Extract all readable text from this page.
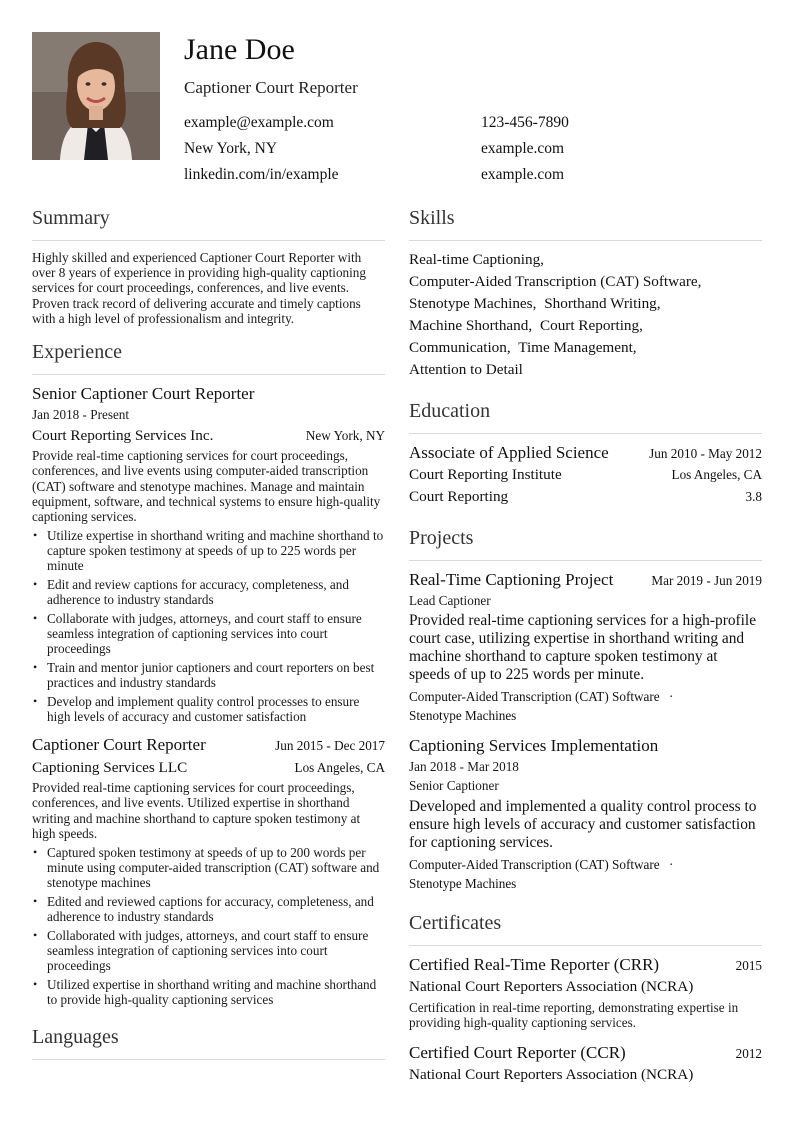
Jane Doe
Captioner Court Reporter
example@example.com	123-456-7890
New York, NY	example.com
linkedin.com/in/example	example.com
Summary
Highly skilled and experienced Captioner Court Reporter with over 8 years of experience in providing high-quality captioning services for court proceedings, conferences, and live events. Proven track record of delivering accurate and timely captions with a high level of professionalism and integrity.
Experience
Senior Captioner Court Reporter
Jan 2018 - Present
Court Reporting Services Inc.	New York, NY
Provide real-time captioning services for court proceedings, conferences, and live events using computer-aided transcription (CAT) software and stenotype machines. Manage and maintain equipment, software, and technical systems to ensure high-quality captioning services.
• Utilize expertise in shorthand writing and machine shorthand to capture spoken testimony at speeds of up to 225 words per minute
• Edit and review captions for accuracy, completeness, and adherence to industry standards
• Collaborate with judges, attorneys, and court staff to ensure seamless integration of captioning services into court proceedings
• Train and mentor junior captioners and court reporters on best practices and industry standards
• Develop and implement quality control processes to ensure high levels of accuracy and customer satisfaction
Captioner Court Reporter	Jun 2015 - Dec 2017
Captioning Services LLC	Los Angeles, CA
Provided real-time captioning services for court proceedings, conferences, and live events. Utilized expertise in shorthand writing and machine shorthand to capture spoken testimony at high speeds.
• Captured spoken testimony at speeds of up to 200 words per minute using computer-aided transcription (CAT) software and stenotype machines
• Edited and reviewed captions for accuracy, completeness, and adherence to industry standards
• Collaborated with judges, attorneys, and court staff to ensure seamless integration of captioning services into court proceedings
• Utilized expertise in shorthand writing and machine shorthand to provide high-quality captioning services
Languages
Skills
Real-time Captioning,
Computer-Aided Transcription (CAT) Software,
Stenotype Machines, Shorthand Writing,
Machine Shorthand, Court Reporting,
Communication, Time Management,
Attention to Detail
Education
Associate of Applied Science	Jun 2010 - May 2012
Court Reporting Institute	Los Angeles, CA
Court Reporting	3.8
Projects
Real-Time Captioning Project	Mar 2019 - Jun 2019
Lead Captioner
Provided real-time captioning services for a high-profile court case, utilizing expertise in shorthand writing and machine shorthand to capture spoken testimony at speeds of up to 225 words per minute.
Computer-Aided Transcription (CAT) Software ·
Stenotype Machines
Captioning Services Implementation
Jan 2018 - Mar 2018
Senior Captioner
Developed and implemented a quality control process to ensure high levels of accuracy and customer satisfaction for captioning services.
Computer-Aided Transcription (CAT) Software ·
Stenotype Machines
Certificates
Certified Real-Time Reporter (CRR)	2015
National Court Reporters Association (NCRA)
Certification in real-time reporting, demonstrating expertise in providing high-quality captioning services.
Certified Court Reporter (CCR)	2012
National Court Reporters Association (NCRA)
